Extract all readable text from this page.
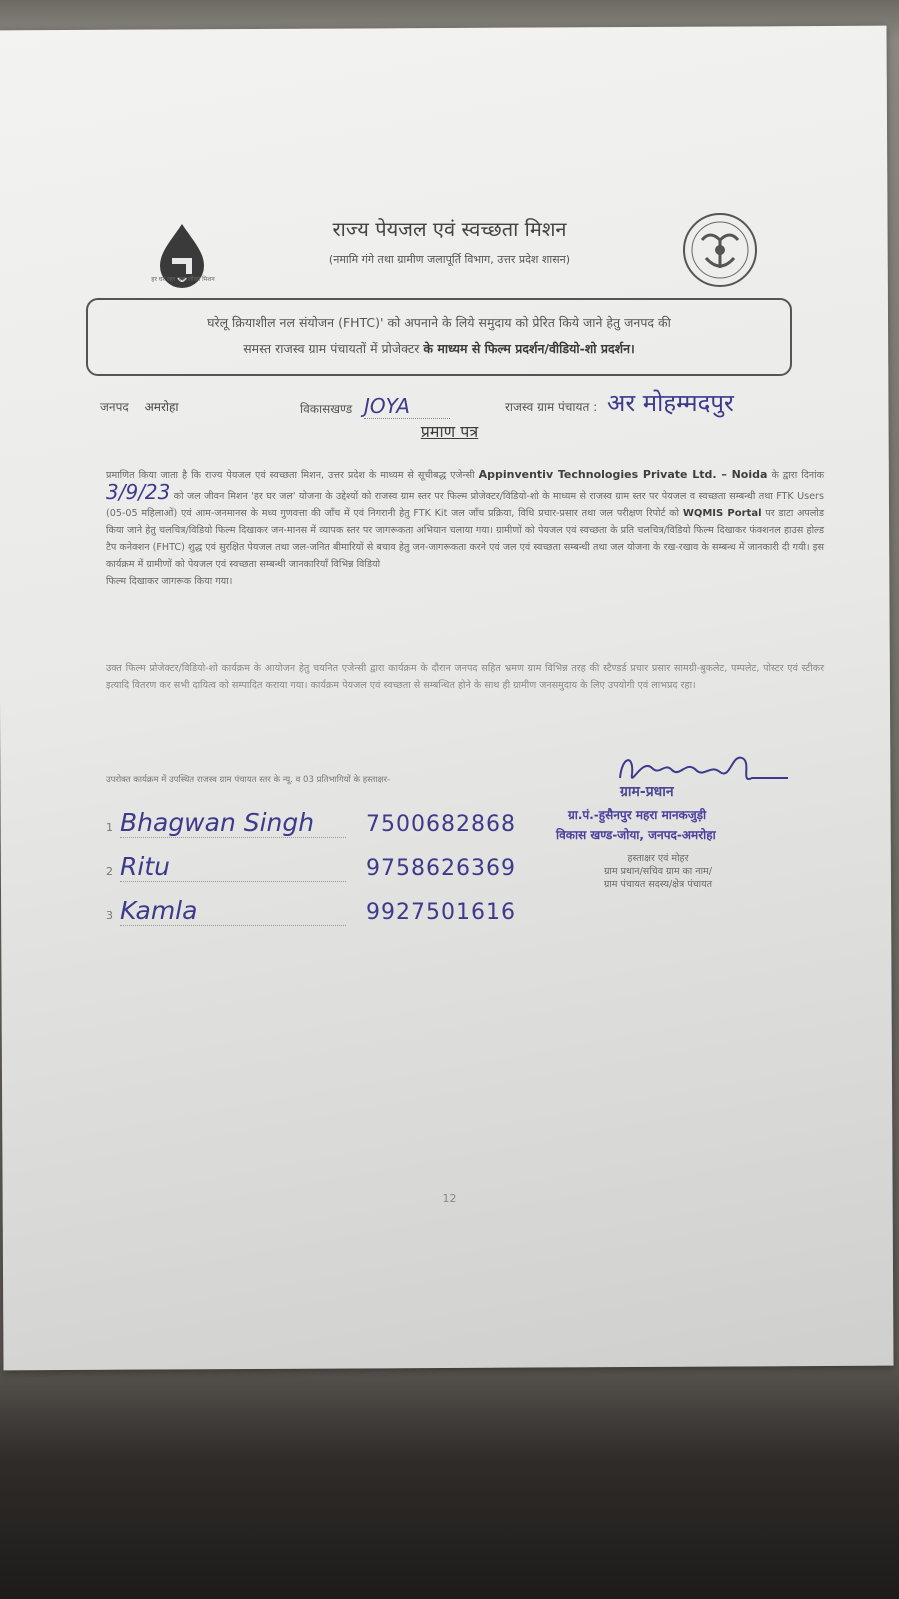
हर घर जल जल जीवन मिशन
राज्य पेयजल एवं स्वच्छता मिशन
(नमामि गंगे तथा ग्रामीण जलापूर्ति विभाग, उत्तर प्रदेश शासन)
घरेलू क्रियाशील नल संयोजन (FHTC)' को अपनाने के लिये समुदाय को प्रेरित किये जाने हेतु जनपद की
समस्त राजस्व ग्राम पंचायतों में प्रोजेक्टर के माध्यम से फिल्म प्रदर्शन/वीडियो-शो प्रदर्शन।
जनपद अमरोहा	विकासखण्ड JOYA	राजस्व ग्राम पंचायत : अर मोहम्मदपुर
प्रमाण पत्र
प्रमाणित किया जाता है कि राज्य पेयजल एवं स्वच्छता मिशन, उत्तर प्रदेश के माध्यम से सूचीबद्ध एजेन्सी Appinventiv Technologies Private Ltd. – Noida के द्वारा दिनांक 3/9/23 को जल जीवन मिशन 'हर घर जल' योजना के उद्देश्यों को राजस्व ग्राम स्तर पर फिल्म प्रोजेक्टर/विडियो-शो के माध्यम से राजस्व ग्राम स्तर पर पेयजल व स्वच्छता सम्बन्धी तथा FTK Users (05-05 महिलाओं) एवं आम-जनमानस के मध्य गुणवत्ता की जाँच में एवं निगरानी हेतु FTK Kit जल जाँच प्रक्रिया, विधि प्रचार-प्रसार तथा जल परीक्षण रिपोर्ट को WQMIS Portal पर डाटा अपलोड किया जाने हेतु चलचित्र/विडियो फिल्म दिखाकर जन-मानस में व्यापक स्तर पर जागरूकता अभियान चलाया गया। ग्रामीणों को पेयजल एवं स्वच्छता के प्रति चलचित्र/विडियो फिल्म दिखाकर फंक्शनल हाउस होल्ड टैप कनेक्शन (FHTC) शुद्ध एवं सुरक्षित पेयजल तथा जल-जनित बीमारियों से बचाव हेतु जन-जागरूकता करने एवं जल एवं स्वच्छता सम्बन्धी तथा जल योजना के रख-रखाव के सम्बन्ध में जानकारी दी गयी। इस कार्यक्रम में ग्रामीणों को पेयजल एवं स्वच्छता सम्बन्धी जानकारियाँ विभिन्न विडियो
फिल्म दिखाकर जागरूक किया गया।
उक्त फिल्म प्रोजेक्टर/विडियो-शो कार्यक्रम के आयोजन हेतु चयनित एजेन्सी द्वारा कार्यक्रम के दौरान जनपद सहित भ्रमण ग्राम विभिन्न तरह की स्टैण्डर्ड प्रचार प्रसार सामग्री-बुकलेट, पम्पलेट, पोस्टर एवं स्टीकर इत्यादि वितरण कर सभी दायित्व को सम्पादित कराया गया। कार्यक्रम पेयजल एवं स्वच्छता से सम्बन्धित होने के साथ ही ग्रामीण जनसमुदाय के लिए उपयोगी एवं लाभप्रद रहा।
उपरोक्त कार्यक्रम में उपस्थित राजस्व ग्राम पंचायत स्तर के न्यू. व 03 प्रतिभागियों के हस्ताक्षर-
1 Bhagwan Singh	7500682868
2 Ritu	9758626369
3 Kamla	9927501616
ग्राम-प्रधान
ग्रा.पं.-हुसैनपुर महरा मानकजुड़ी
विकास खण्ड-जोया, जनपद-अमरोहा
हस्ताक्षर एवं मोहर
ग्राम प्रधान/सचिव ग्राम का नाम/
ग्राम पंचायत सदस्य/क्षेत्र पंचायत
12
